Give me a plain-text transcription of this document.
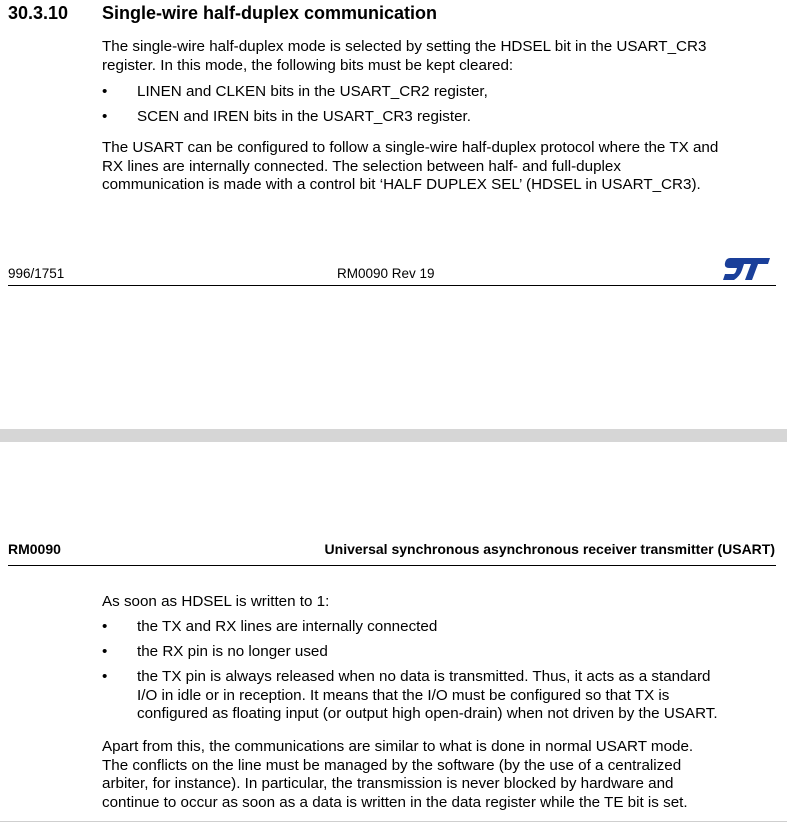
30.3.10 Single-wire half-duplex communication
The single-wire half-duplex mode is selected by setting the HDSEL bit in the USART_CR3
register. In this mode, the following bits must be kept cleared:
• LINEN and CLKEN bits in the USART_CR2 register,
• SCEN and IREN bits in the USART_CR3 register.
The USART can be configured to follow a single-wire half-duplex protocol where the TX and
RX lines are internally connected. The selection between half- and full-duplex
communication is made with a control bit ‘HALF DUPLEX SEL’ (HDSEL in USART_CR3).
996/1751	RM0090 Rev 19
RM0090	Universal synchronous asynchronous receiver transmitter (USART)
As soon as HDSEL is written to 1:
• the TX and RX lines are internally connected
• the RX pin is no longer used
• the TX pin is always released when no data is transmitted. Thus, it acts as a standard
I/O in idle or in reception. It means that the I/O must be configured so that TX is
configured as floating input (or output high open-drain) when not driven by the USART.
Apart from this, the communications are similar to what is done in normal USART mode.
The conflicts on the line must be managed by the software (by the use of a centralized
arbiter, for instance). In particular, the transmission is never blocked by hardware and
continue to occur as soon as a data is written in the data register while the TE bit is set.
